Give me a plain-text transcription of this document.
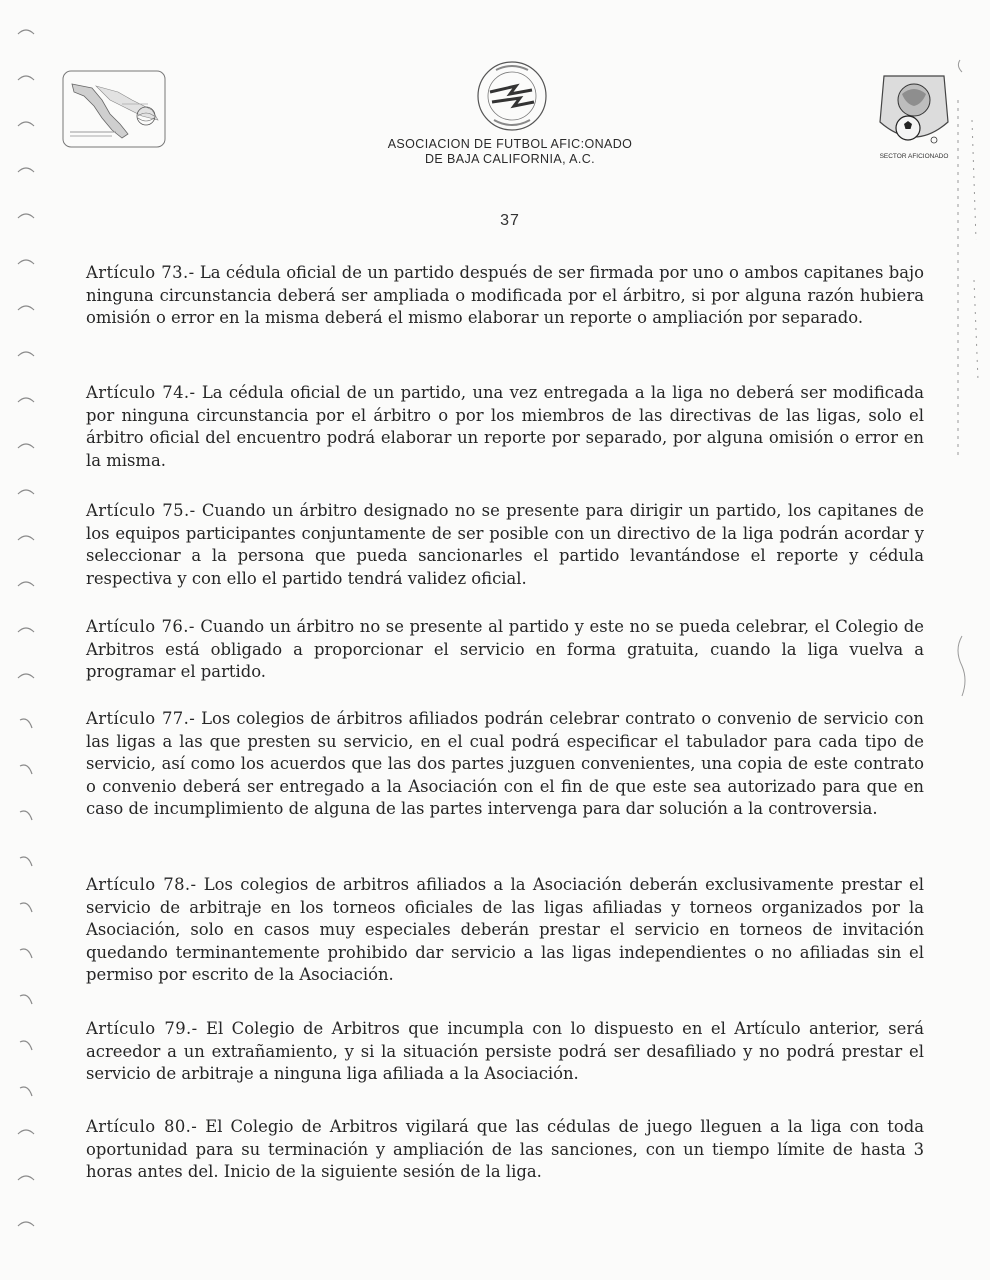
SECTOR AFICIONADO
ASOCIACION DE FUTBOL AFIC:ONADO
DE BAJA CALIFORNIA, A.C.
37
Artículo 73.- La cédula oficial de un partido después de ser firmada por uno o ambos capitanes bajo ninguna circunstancia deberá ser ampliada o modificada por el árbitro, si por alguna razón hubiera omisión o error en la misma deberá el mismo elaborar un reporte o ampliación por separado.
Artículo 74.- La cédula oficial de un partido, una vez entregada a la liga no deberá ser modificada por ninguna circunstancia por el árbitro o por los miembros de las directivas de las ligas, solo el árbitro oficial del encuentro podrá elaborar un reporte por separado, por alguna omisión o error en la misma.
Artículo 75.- Cuando un árbitro designado no se presente para dirigir un partido, los capitanes de los equipos participantes conjuntamente de ser posible con un directivo de la liga podrán acordar y seleccionar a la persona que pueda sancionarles el partido levantándose el reporte y cédula respectiva y con ello el partido tendrá validez oficial.
Artículo 76.- Cuando un árbitro no se presente al partido y este no se pueda celebrar, el Colegio de Arbitros está obligado a proporcionar el servicio en forma gratuita, cuando la liga vuelva a programar el partido.
Artículo 77.- Los colegios de árbitros afiliados podrán celebrar contrato o convenio de servicio con las ligas a las que presten su servicio, en el cual podrá especificar el tabulador para cada tipo de servicio, así como los acuerdos que las dos partes juzguen convenientes, una copia de este contrato o convenio deberá ser entregado a la Asociación con el fin de que este sea autorizado para que en caso de incumplimiento de alguna de las partes intervenga para dar solución a la controversia.
Artículo 78.- Los colegios de arbitros afiliados a la Asociación deberán exclusivamente prestar el servicio de arbitraje en los torneos oficiales de las ligas afiliadas y torneos organizados por la Asociación, solo en casos muy especiales deberán prestar el servicio en torneos de invitación quedando terminantemente prohibido dar servicio a las ligas independientes o no afiliadas sin el permiso por escrito de la Asociación.
Artículo 79.- El Colegio de Arbitros que incumpla con lo dispuesto en el Artículo anterior, será acreedor a un extrañamiento, y si la situación persiste podrá ser desafiliado y no podrá prestar el servicio de arbitraje a ninguna liga afiliada a la Asociación.
Artículo 80.- El Colegio de Arbitros vigilará que las cédulas de juego lleguen a la liga con toda oportunidad para su terminación y ampliación de las sanciones, con un tiempo límite de hasta 3 horas antes del. Inicio de la siguiente sesión de la liga.
